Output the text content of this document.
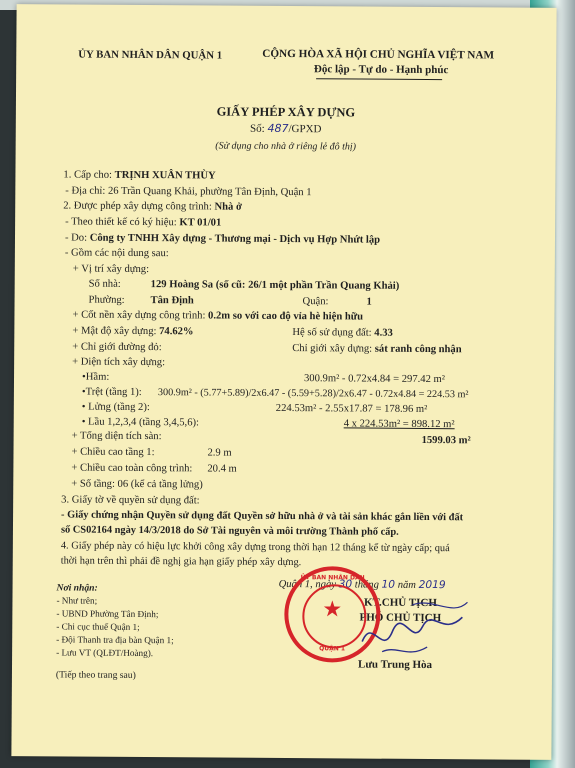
ỦY BAN NHÂN DÂN QUẬN 1	CỘNG HÒA XÃ HỘI CHỦ NGHĨA VIỆT NAM
Độc lập - Tự do - Hạnh phúc
GIẤY PHÉP XÂY DỰNG
Số: 487/GPXD
(Sử dụng cho nhà ở riêng lẻ đô thị)
1. Cấp cho: TRỊNH XUÂN THÙY
- Địa chỉ: 26 Trần Quang Khải, phường Tân Định, Quận 1
2. Được phép xây dựng công trình: Nhà ở
- Theo thiết kế có ký hiệu: KT 01/01
- Do: Công ty TNHH Xây dựng - Thương mại - Dịch vụ Hợp Nhứt lập
- Gồm các nội dung sau:
+ Vị trí xây dựng:
Số nhà:	129 Hoàng Sa (số cũ: 26/1 một phần Trần Quang Khải)
Phường: Tân Định	Quận:	1
+ Cốt nền xây dựng công trình: 0.2m so với cao độ vỉa hè hiện hữu
+ Mật độ xây dựng: 74.62%	Hệ số sử dụng đất: 4.33
+ Chỉ giới đường đỏ:	Chỉ giới xây dựng: sát ranh công nhận
+ Diện tích xây dựng:
•Hầm:	300.9m² - 0.72x4.84 = 297.42 m²
•Trệt (tầng 1): 300.9m² - (5.77+5.89)/2x6.47 - (5.59+5.28)/2x6.47 - 0.72x4.84 = 224.53 m²
• Lửng (tầng 2):	224.53m² - 2.55x17.87 = 178.96 m²
• Lầu 1,2,3,4 (tầng 3,4,5,6):	4 x 224.53m² = 898.12 m²
+ Tổng diện tích sàn:	1599.03 m²
+ Chiều cao tầng 1:	2.9 m
+ Chiều cao toàn công trình: 20.4 m
+ Số tầng: 06 (kể cả tầng lửng)
3. Giấy tờ về quyền sử dụng đất:
- Giấy chứng nhận Quyền sử dụng đất Quyền sở hữu nhà ở và tài sản khác gắn liền với đất
số CS02164 ngày 14/3/2018 do Sở Tài nguyên và môi trường Thành phố cấp.
4. Giấy phép này có hiệu lực khởi công xây dựng trong thời hạn 12 tháng kể từ ngày cấp; quá
thời hạn trên thì phải đề nghị gia hạn giấy phép xây dựng.
Quận 1, ngày 30 tháng 10 năm 2019
Nơi nhận:
- Như trên;
- UBND Phường Tân Định;
- Chi cục thuế Quận 1;
- Đội Thanh tra địa bàn Quận 1;
- Lưu VT (QLĐT/Hoàng).
(Tiếp theo trang sau)
KT.CHỦ TỊCH
PHÓ CHỦ TỊCH
ỦY BAN NHÂN DÂN
★
QUẬN 1
Lưu Trung Hòa
